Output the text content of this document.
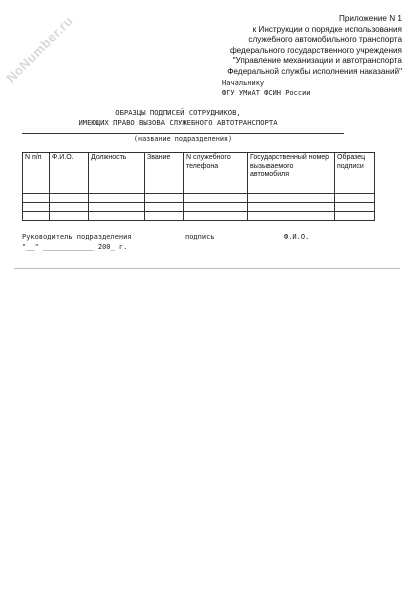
NoNumber.ru	Приложение N 1
к Инструкции о порядке использования
служебного автомобильного транспорта
федерального государственного учреждения
"Управление механизации и автотранспорта
Федеральной службы исполнения наказаний"
Начальнику
ФГУ УМиАТ ФСИН России
ОБРАЗЦЫ ПОДПИСЕЙ СОТРУДНИКОВ,
ИМЕЮЩИХ ПРАВО ВЫЗОВА СЛУЖЕБНОГО АВТОТРАНСПОРТА
(название подразделения)
N п/п	Ф.И.О.	Должность	Звание	N служебного телефона	Государственный номер вызываемого автомобиля	Образец подписи

Руководитель подразделения	подпись	Ф.И.О.
"__" ____________ 200_ г.
